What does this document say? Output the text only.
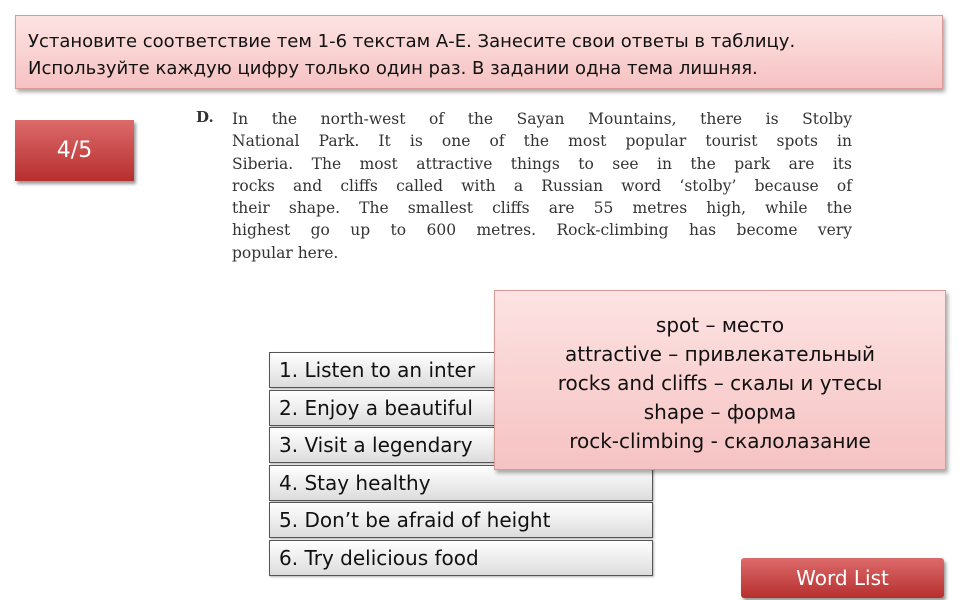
Установите соответствие тем 1-6 текстам А-Е. Занесите свои ответы в таблицу.
Используйте каждую цифру только один раз. В задании одна тема лишняя.
4/5
D. In the north-west of the Sayan Mountains, there is Stolby
National Park. It is one of the most popular tourist spots in
Siberia. The most attractive things to see in the park are its
rocks and cliffs called with a Russian word ‘stolby’ because of
their shape. The smallest cliffs are 55 metres high, while the
highest go up to 600 metres. Rock-climbing has become very
popular here.
1. Listen to an inter
2. Enjoy a beautiful
3. Visit a legendary
4. Stay healthy
5. Don’t be afraid of height
6. Try delicious food
spot – место
attractive – привлекательный
rocks and cliffs – скалы и утесы
shape – форма
rock-climbing - скалолазание
Word List
